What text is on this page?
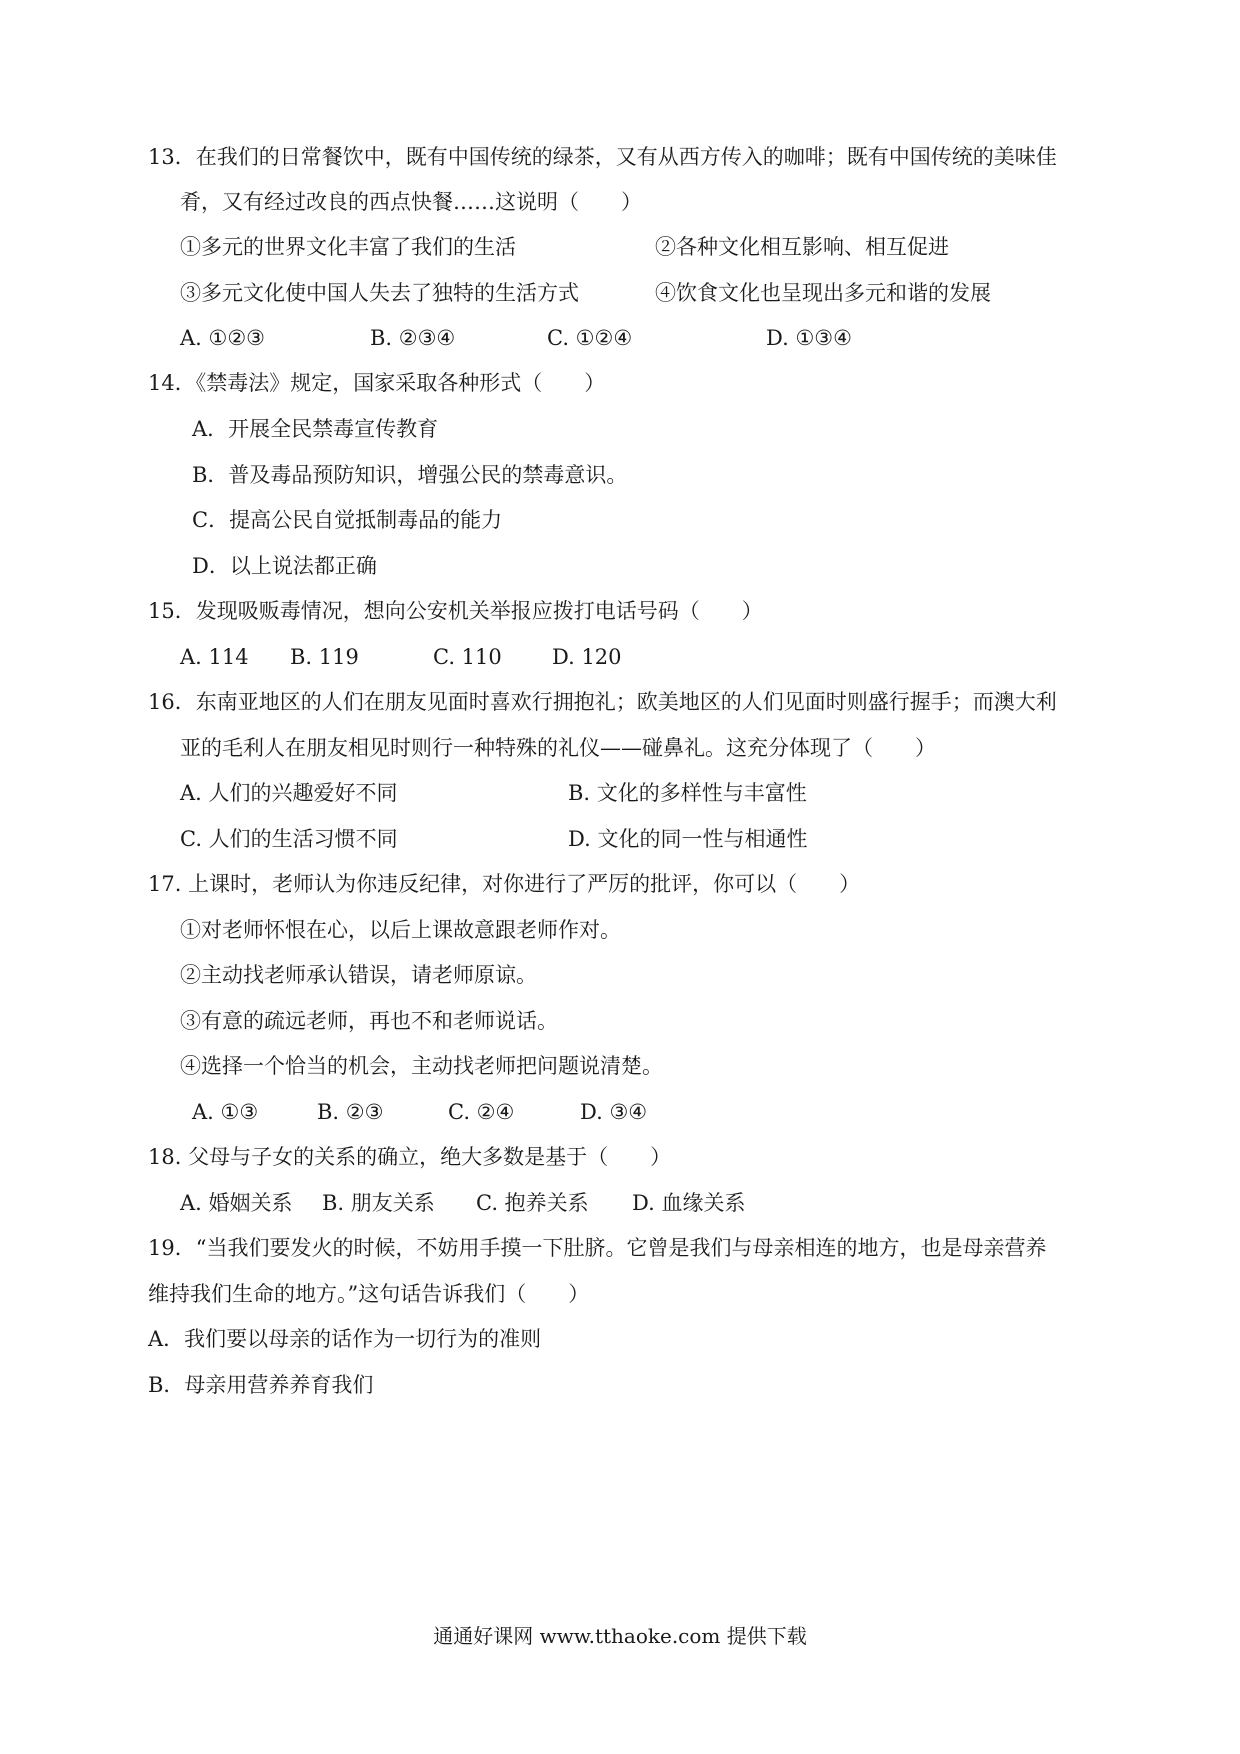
13．在我们的日常餐饮中，既有中国传统的绿茶，又有从西方传入的咖啡；既有中国传统的美味佳
肴，又有经过改良的西点快餐……这说明（　　）
①多元的世界文化丰富了我们的生活	②各种文化相互影响、相互促进
③多元文化使中国人失去了独特的生活方式	④饮食文化也呈现出多元和谐的发展
A. ①②③	B. ②③④	C. ①②④	D. ①③④
14．《禁毒法》规定，国家采取各种形式（　　）
A．开展全民禁毒宣传教育
B．普及毒品预防知识，增强公民的禁毒意识。
C．提高公民自觉抵制毒品的能力
D．以上说法都正确
15．发现吸贩毒情况，想向公安机关举报应拨打电话号码（　　）
A. 114 B. 119	C. 110 D. 120
16．东南亚地区的人们在朋友见面时喜欢行拥抱礼；欧美地区的人们见面时则盛行握手；而澳大利
亚的毛利人在朋友相见时则行一种特殊的礼仪——碰鼻礼。这充分体现了（　　）
A. 人们的兴趣爱好不同	B. 文化的多样性与丰富性
C. 人们的生活习惯不同	D. 文化的同一性与相通性
17. 上课时，老师认为你违反纪律，对你进行了严厉的批评，你可以（　　）
①对老师怀恨在心，以后上课故意跟老师作对。
②主动找老师承认错误，请老师原谅。
③有意的疏远老师，再也不和老师说话。
④选择一个恰当的机会，主动找老师把问题说清楚。
A. ①③	B. ②③	C. ②④	D. ③④
18. 父母与子女的关系的确立，绝大多数是基于（　　）
A. 婚姻关系 B. 朋友关系 C. 抱养关系 D. 血缘关系
19．“当我们要发火的时候，不妨用手摸一下肚脐。它曾是我们与母亲相连的地方，也是母亲营养
维持我们生命的地方。”这句话告诉我们（　　）
A．我们要以母亲的话作为一切行为的准则
B．母亲用营养养育我们
通通好课网 www.tthaoke.com 提供下载
